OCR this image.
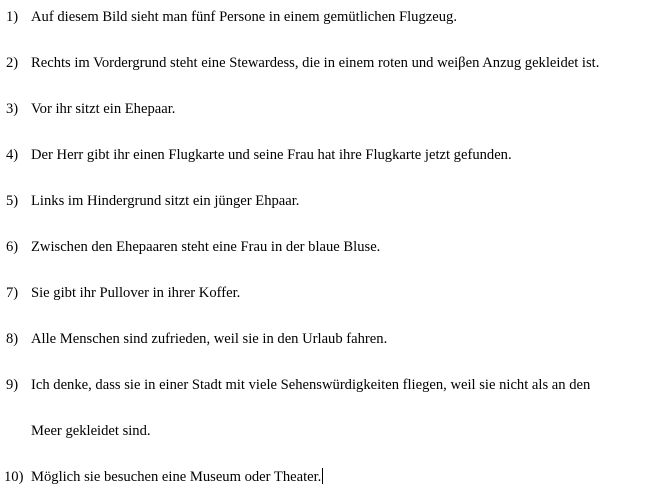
1) Auf diesem Bild sieht man fünf Persone in einem gemütlichen Flugzeug.
2) Rechts im Vordergrund steht eine Stewardess, die in einem roten und weiβen Anzug gekleidet ist.
3) Vor ihr sitzt ein Ehepaar.
4) Der Herr gibt ihr einen Flugkarte und seine Frau hat ihre Flugkarte jetzt gefunden.
5) Links im Hindergrund sitzt ein jünger Ehpaar.
6) Zwischen den Ehepaaren steht eine Frau in der blaue Bluse.
7) Sie gibt ihr Pullover in ihrer Koffer.
8) Alle Menschen sind zufrieden, weil sie in den Urlaub fahren.
9) Ich denke, dass sie in einer Stadt mit viele Sehenswürdigkeiten fliegen, weil sie nicht als an den
Meer gekleidet sind.
10) Möglich sie besuchen eine Museum oder Theater.
